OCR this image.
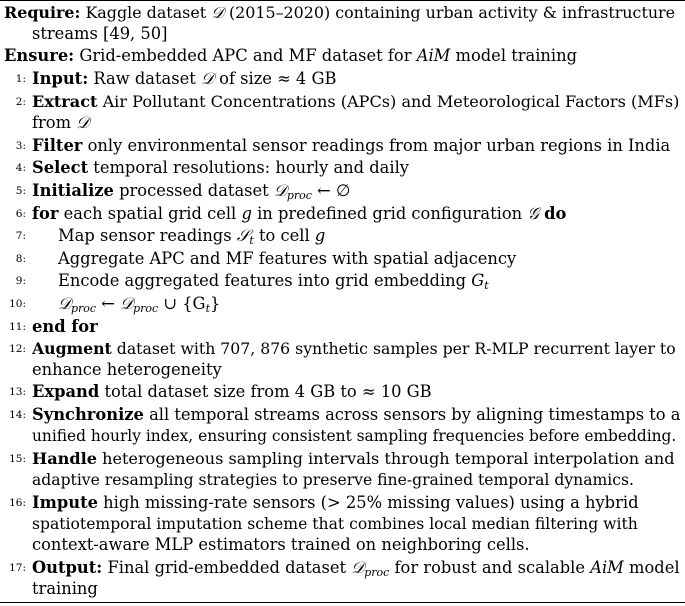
Require: Kaggle dataset 𝒟 (2015–2020) containing urban activity & infrastructure
streams [49, 50]
Ensure: Grid-embedded APC and MF dataset for AiM model training
1: Input: Raw dataset 𝒟 of size ≈ 4 GB
2: Extract Air Pollutant Concentrations (APCs) and Meteorological Factors (MFs)
from 𝒟
3: Filter only environmental sensor readings from major urban regions in India
4: Select temporal resolutions: hourly and daily
5: Initialize processed dataset 𝒟$_{proc}$ ← ∅
6: for each spatial grid cell g in predefined grid configuration 𝒢 do
7: Map sensor readings 𝒮$_t$ to cell g
8: Aggregate APC and MF features with spatial adjacency
9: Encode aggregated features into grid embedding $G_t$
10: 𝒟$_{proc}$ ← 𝒟$_{proc}$ ∪ $\{G_t\}$
11: end for
12: Augment dataset with 707, 876 synthetic samples per R-MLP recurrent layer to
enhance heterogeneity
13: Expand total dataset size from 4 GB to ≈ 10 GB
14: Synchronize all temporal streams across sensors by aligning timestamps to a
unified hourly index, ensuring consistent sampling frequencies before embedding.
15: Handle heterogeneous sampling intervals through temporal interpolation and
adaptive resampling strategies to preserve fine-grained temporal dynamics.
16: Impute high missing-rate sensors (> 25% missing values) using a hybrid
spatiotemporal imputation scheme that combines local median filtering with
context-aware MLP estimators trained on neighboring cells.
17: Output: Final grid-embedded dataset 𝒟$_{proc}$ for robust and scalable AiM model
training
